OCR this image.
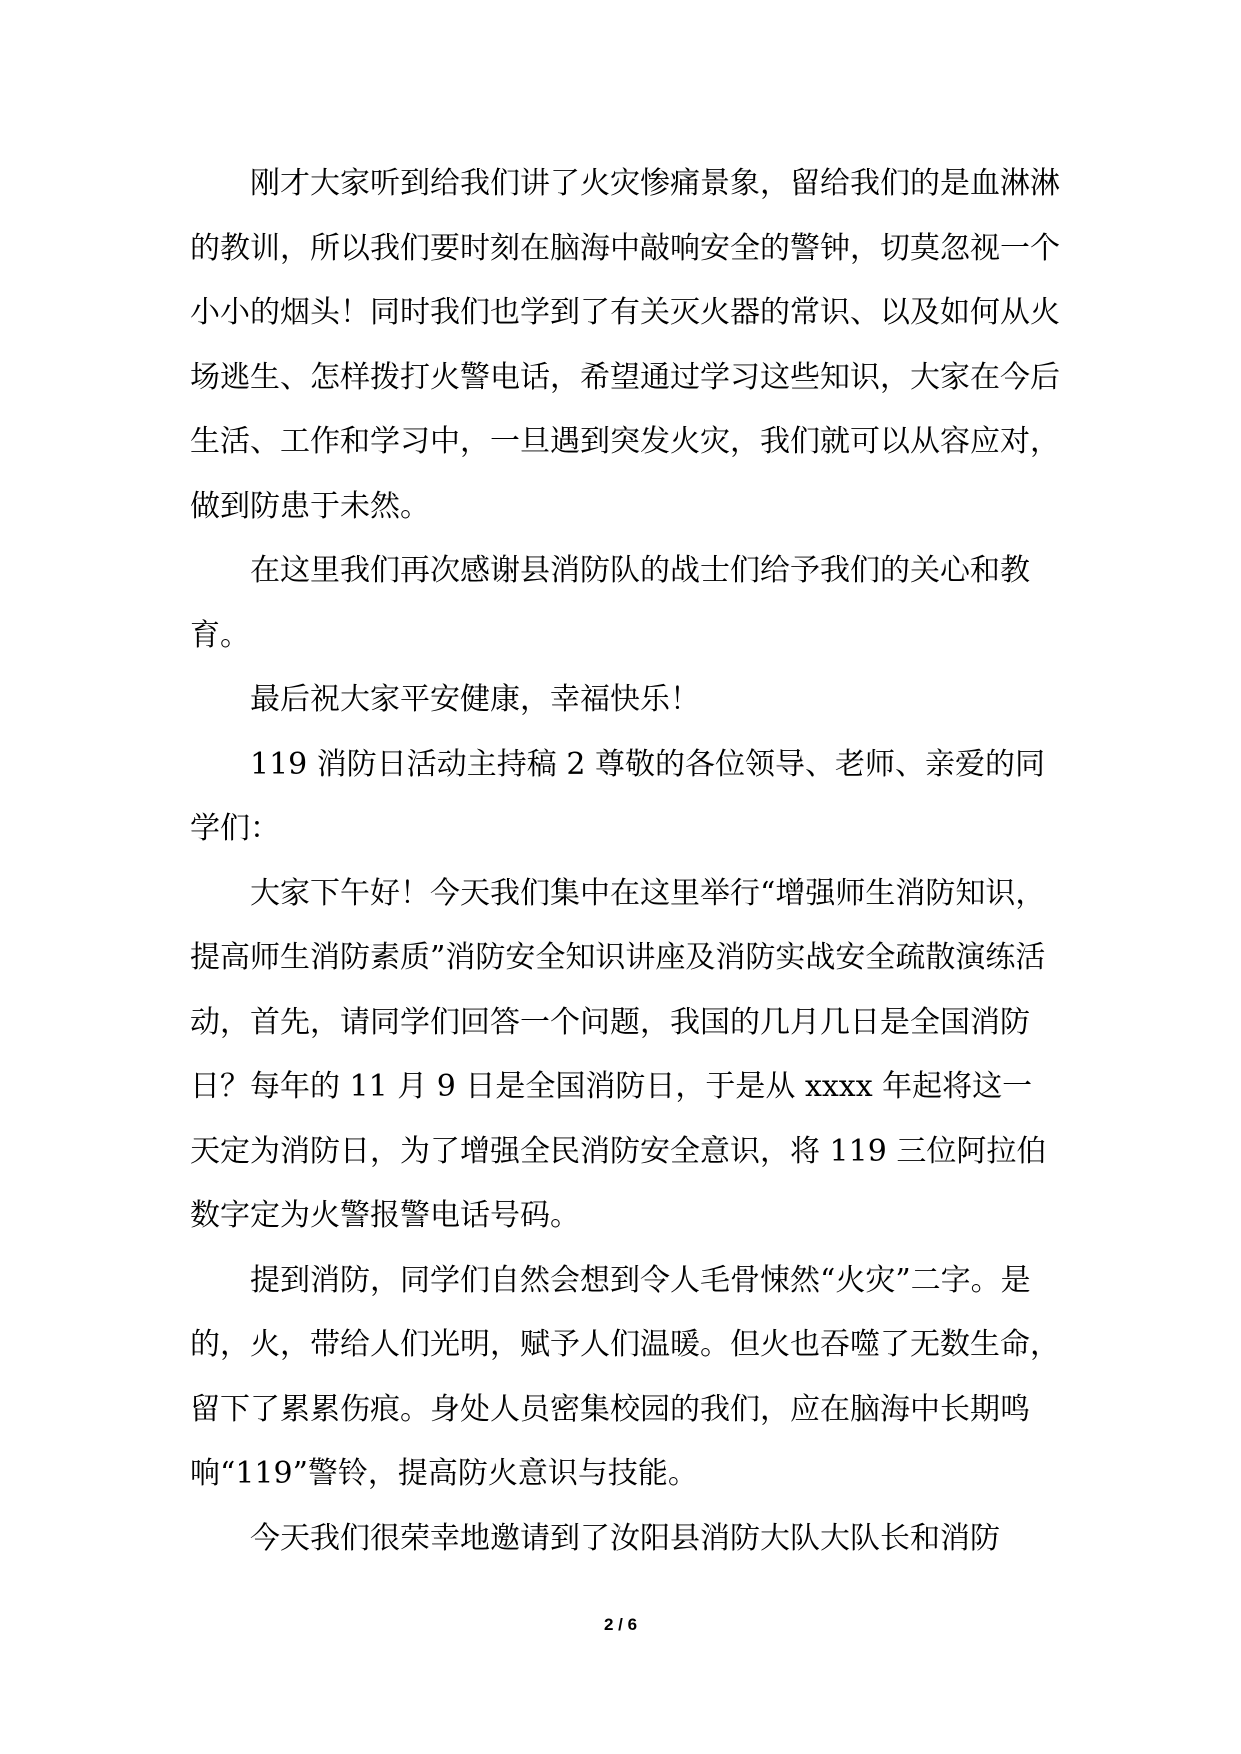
刚才大家听到给我们讲了火灾惨痛景象，留给我们的是血淋淋的教训，所以我们要时刻在脑海中敲响安全的警钟，切莫忽视一个小小的烟头！同时我们也学到了有关灭火器的常识、以及如何从火场逃生、怎样拨打火警电话，希望通过学习这些知识，大家在今后生活、工作和学习中，一旦遇到突发火灾，我们就可以从容应对，做到防患于未然。

在这里我们再次感谢县消防队的战士们给予我们的关心和教育。

最后祝大家平安健康，幸福快乐！

119 消防日活动主持稿 2 尊敬的各位领导、老师、亲爱的同学们：

大家下午好！今天我们集中在这里举行“增强师生消防知识，提高师生消防素质”消防安全知识讲座及消防实战安全疏散演练活动，首先，请同学们回答一个问题，我国的几月几日是全国消防日？每年的 11 月 9 日是全国消防日，于是从 xxxx 年起将这一天定为消防日，为了增强全民消防安全意识，将 119 三位阿拉伯数字定为火警报警电话号码。

提到消防，同学们自然会想到令人毛骨悚然“火灾”二字。是的，火，带给人们光明，赋予人们温暖。但火也吞噬了无数生命，留下了累累伤痕。身处人员密集校园的我们，应在脑海中长期鸣响“119”警铃，提高防火意识与技能。

今天我们很荣幸地邀请到了汝阳县消防大队大队长和消防

2 / 6
